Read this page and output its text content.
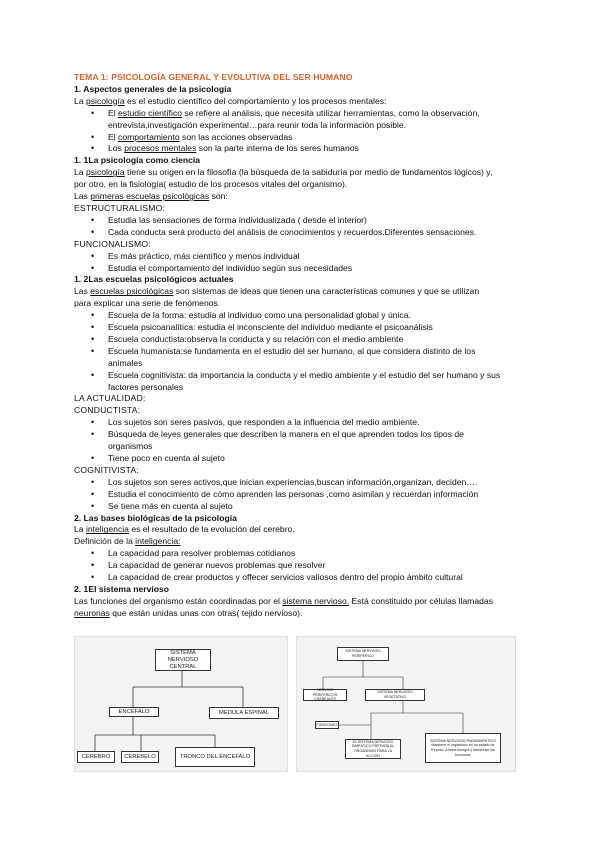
TEMA 1: PSICOLOGÍA GENERAL Y EVOLUTIVA DEL SER HUMANO
1. Aspectos generales de la psicología
La psicología es el estudio científico del comportamiento y los procesos mentales:
• El estudio científico se refiere al análisis, que necesita utilizar herramientas, como la observación,
entrevista,investigación experimental…para reunir toda la información posible.
• El comportamiento son las acciones observadas
• Los procesos mentales son la parte interna de los seres humanos
1. 1La psicología como ciencia
La psicología tiene su origen en la filosofía (la búsqueda de la sabiduría por medio de fundamentos lógicos) y,
por otro, en la fisiología( estudio de los procesos vitales del organismo).
Las primeras escuelas psicológicas son:
ESTRUCTURALISMO:
• Estudia las sensaciones de forma individualizada ( desde el interior)
• Cada conducta será producto del análisis de conocimientos y recuerdos.Diferentes sensaciones.
FUNCIONALISMO:
• Es más práctico, más científico y menos individual
• Estudia el comportamiento del individuo según sus necesidades
1. 2Las escuelas psicológicos actuales
Las escuelas psicológicas son sistemas de ideas que tienen una características comunes y que se utilizan
para explicar una serie de fenómenos.
• Escuela de la forma: estudia al individuo como una personalidad global y única.
• Escuela psicoanalítica: estudia el inconsciente del individuo mediante el psicoanálisis
• Escuela conductista:observa la conducta y su relación con el medio ambiente
• Escuela humanista:se fundamenta en el estudio del ser humano, al que considera distinto de los
animales
• Escuela cognitivista: da importancia la conducta y el medio ambiente y el estudio del ser humano y sus
factores personales
LA ACTUALIDAD:
CONDUCTISTA:
• Los sujetos son seres pasivos, que responden a la influencia del medio ambiente.
• Búsqueda de leyes generales que describen la manera en el que aprenden todos los tipos de
organismos
• Tiene poco en cuenta al sujeto
COGNITIVISTA:
• Los sujetos son seres activos,que inician experiencias,buscan información,organizan, deciden….
• Estudia el conocimiento de cómo aprenden las personas ,como asimilan y recuerdan información
• Se tiene más en cuenta al sujeto
2. Las bases biológicas de la psicología
La inteligencia es el resultado de la evolución del cerebro.
Definición de la inteligencia:
• La capacidad para resolver problemas cotidianos
• La capacidad de generar nuevos problemas que resolver
• La capacidad de crear productos y offecer servicios valiosos dentro del propio ámbito cultural
2. 1El sistema nervioso
Las funciones del organismo están coordinadas por el sistema nervioso. Está constituido por células llamadas
neuronas que están unidas unas con otras( tejido nervioso).
SISTEMA NERVIOSO CENTRAL
ENCEFALO	MEDULA ESPINAL
CEREBRO	CEREBELO	TRONCO DEL ENCEFALO
SISTEMA NERVIOSO PERIFÉRICO
NERVIOS PERIFERICOS CRANEALES
SISTEMA NERVIOSO VEGETATIVO
FUNCIONES
EL SISTEMA NERVIOSO SIMPÁTICO PREPARA AL ORGANISMO PARA LA ACCIÓN
SISTEMA NERVIOSO PARASIMPÁTICO Mantiene el organismo en un estado de Reposo. Ahorra energía y disminuye las funciones
